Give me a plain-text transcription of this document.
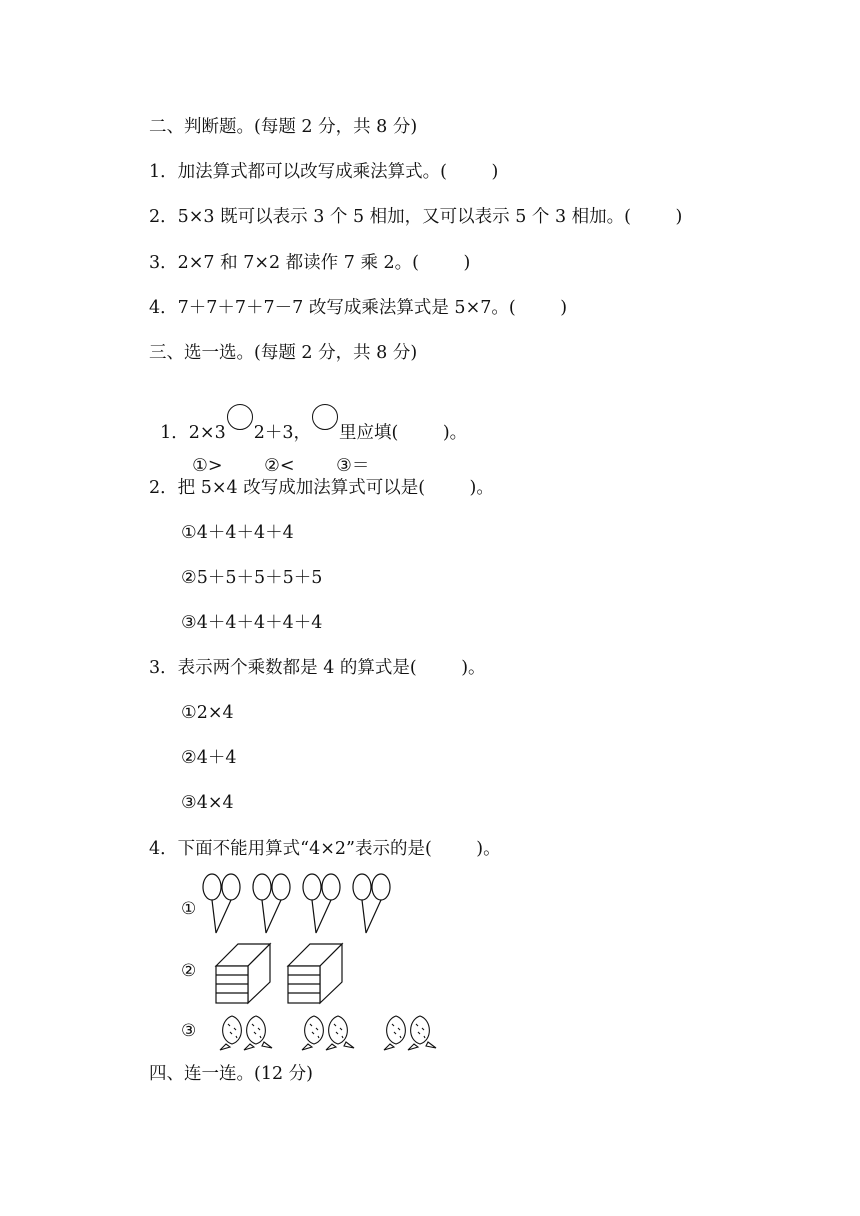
二、判断题。(每题 2 分，共 8 分)
1．加法算式都可以改写成乘法算式。(        )
2．5×3 既可以表示 3 个 5 相加，又可以表示 5 个 3 相加。(        )
3．2×7 和 7×2 都读作 7 乘 2。(        )
4．7＋7＋7＋7－7 改写成乘法算式是 5×7。(        )
三、选一选。(每题 2 分，共 8 分)

1．2×3 2＋3， 里应填(        )。

①> ②< ③＝

2．把 5×4 改写成加法算式可以是(        )。
①4＋4＋4＋4
②5＋5＋5＋5＋5
③4＋4＋4＋4＋4
3．表示两个乘数都是 4 的算式是(        )。
①2×4
②4＋4
③4×4
4．下面不能用算式“4×2”表示的是(        )。
①
②
③
四、连一连。(12 分)
